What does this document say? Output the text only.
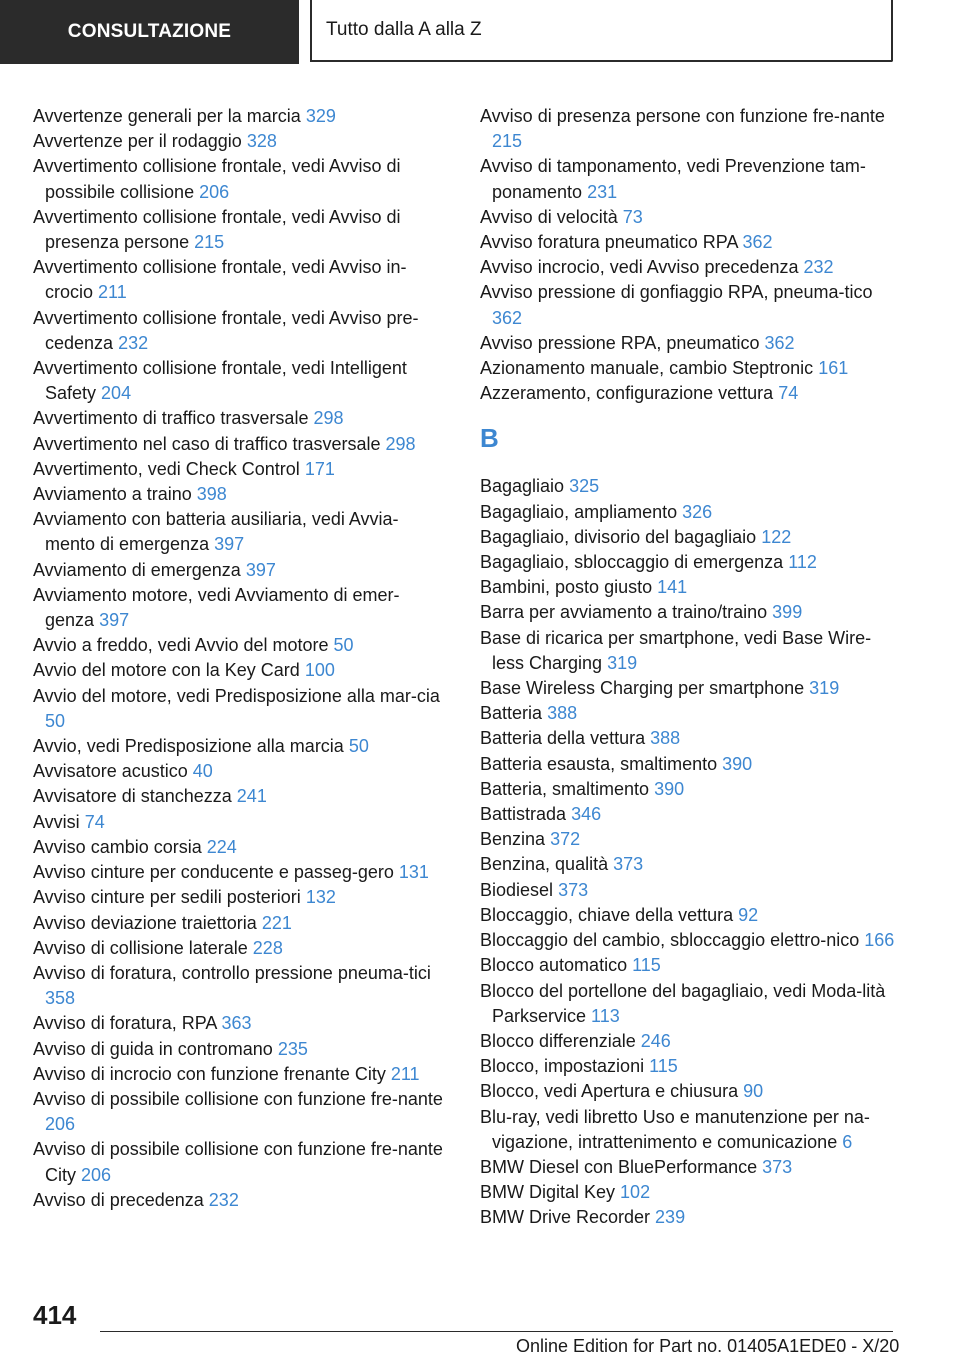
CONSULTAZIONE	Tutto dalla A alla Z
Avvertenze generali per la marcia 329
Avvertenze per il rodaggio 328
Avvertimento collisione frontale, vedi Avviso di possibile collisione 206
Avvertimento collisione frontale, vedi Avviso di presenza persone 215
Avvertimento collisione frontale, vedi Avviso in‐crocio 211
Avvertimento collisione frontale, vedi Avviso pre‐cedenza 232
Avvertimento collisione frontale, vedi Intelligent Safety 204
Avvertimento di traffico trasversale 298
Avvertimento nel caso di traffico trasversale 298
Avvertimento, vedi Check Control 171
Avviamento a traino 398
Avviamento con batteria ausiliaria, vedi Avvia‐mento di emergenza 397
Avviamento di emergenza 397
Avviamento motore, vedi Avviamento di emer‐genza 397
Avvio a freddo, vedi Avvio del motore 50
Avvio del motore con la Key Card 100
Avvio del motore, vedi Predisposizione alla mar‐cia 50
Avvio, vedi Predisposizione alla marcia 50
Avvisatore acustico 40
Avvisatore di stanchezza 241
Avvisi 74
Avviso cambio corsia 224
Avviso cinture per conducente e passeg‐gero 131
Avviso cinture per sedili posteriori 132
Avviso deviazione traiettoria 221
Avviso di collisione laterale 228
Avviso di foratura, controllo pressione pneuma‐tici 358
Avviso di foratura, RPA 363
Avviso di guida in contromano 235
Avviso di incrocio con funzione frenante City 211
Avviso di possibile collisione con funzione fre‐nante 206
Avviso di possibile collisione con funzione fre‐nante City 206
Avviso di precedenza 232
Avviso di presenza persone con funzione fre‐nante 215
Avviso di tamponamento, vedi Prevenzione tam‐ponamento 231
Avviso di velocità 73
Avviso foratura pneumatico RPA 362
Avviso incrocio, vedi Avviso precedenza 232
Avviso pressione di gonfiaggio RPA, pneuma‐tico 362
Avviso pressione RPA, pneumatico 362
Azionamento manuale, cambio Steptronic 161
Azzeramento, configurazione vettura 74
B
Bagagliaio 325
Bagagliaio, ampliamento 326
Bagagliaio, divisorio del bagagliaio 122
Bagagliaio, sbloccaggio di emergenza 112
Bambini, posto giusto 141
Barra per avviamento a traino/traino 399
Base di ricarica per smartphone, vedi Base Wire‐less Charging 319
Base Wireless Charging per smartphone 319
Batteria 388
Batteria della vettura 388
Batteria esausta, smaltimento 390
Batteria, smaltimento 390
Battistrada 346
Benzina 372
Benzina, qualità 373
Biodiesel 373
Bloccaggio, chiave della vettura 92
Bloccaggio del cambio, sbloccaggio elettro‐nico 166
Blocco automatico 115
Blocco del portellone del bagagliaio, vedi Moda‐lità Parkservice 113
Blocco differenziale 246
Blocco, impostazioni 115
Blocco, vedi Apertura e chiusura 90
Blu-ray, vedi libretto Uso e manutenzione per na‐vigazione, intrattenimento e comunicazione 6
BMW Diesel con BluePerformance 373
BMW Digital Key 102
BMW Drive Recorder 239
414
Online Edition for Part no. 01405A1EDE0 - X/20
